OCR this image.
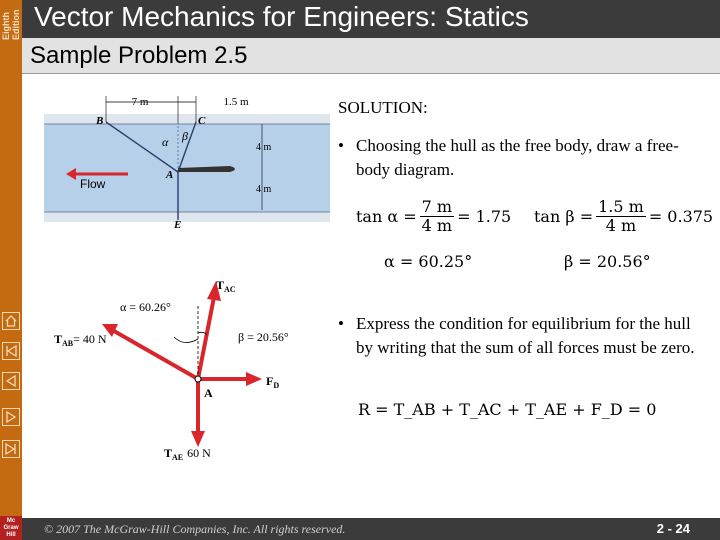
Eighth Edition
Mc
Graw
Hill
Vector Mechanics for Engineers: Statics
Sample Problem 2.5
7 m	1.5 m
4 m
4 m
B	C
A
E
α β
Flow
$T_{AC}$
$T_{AB}= 40$ N
$F_D$
$T_{AE}$ 60 N
A
α = 60.26°
β = 20.56°
SOLUTION:
• Choosing the hull as the free body, draw a free-body diagram.
$\tan \alpha = \frac{7 m}{4 m} = 1.75$ $\tan \beta = \frac{1.5 m}{4 m} = 0.375$
α = 60.25°	β = 20.56°
• Express the condition for equilibrium for the hull by writing that the sum of all forces must be zero.
R = T_AB + T_AC + T_AE + F_D = 0
© 2007 The McGraw-Hill Companies, Inc. All rights reserved.	2 - 24
